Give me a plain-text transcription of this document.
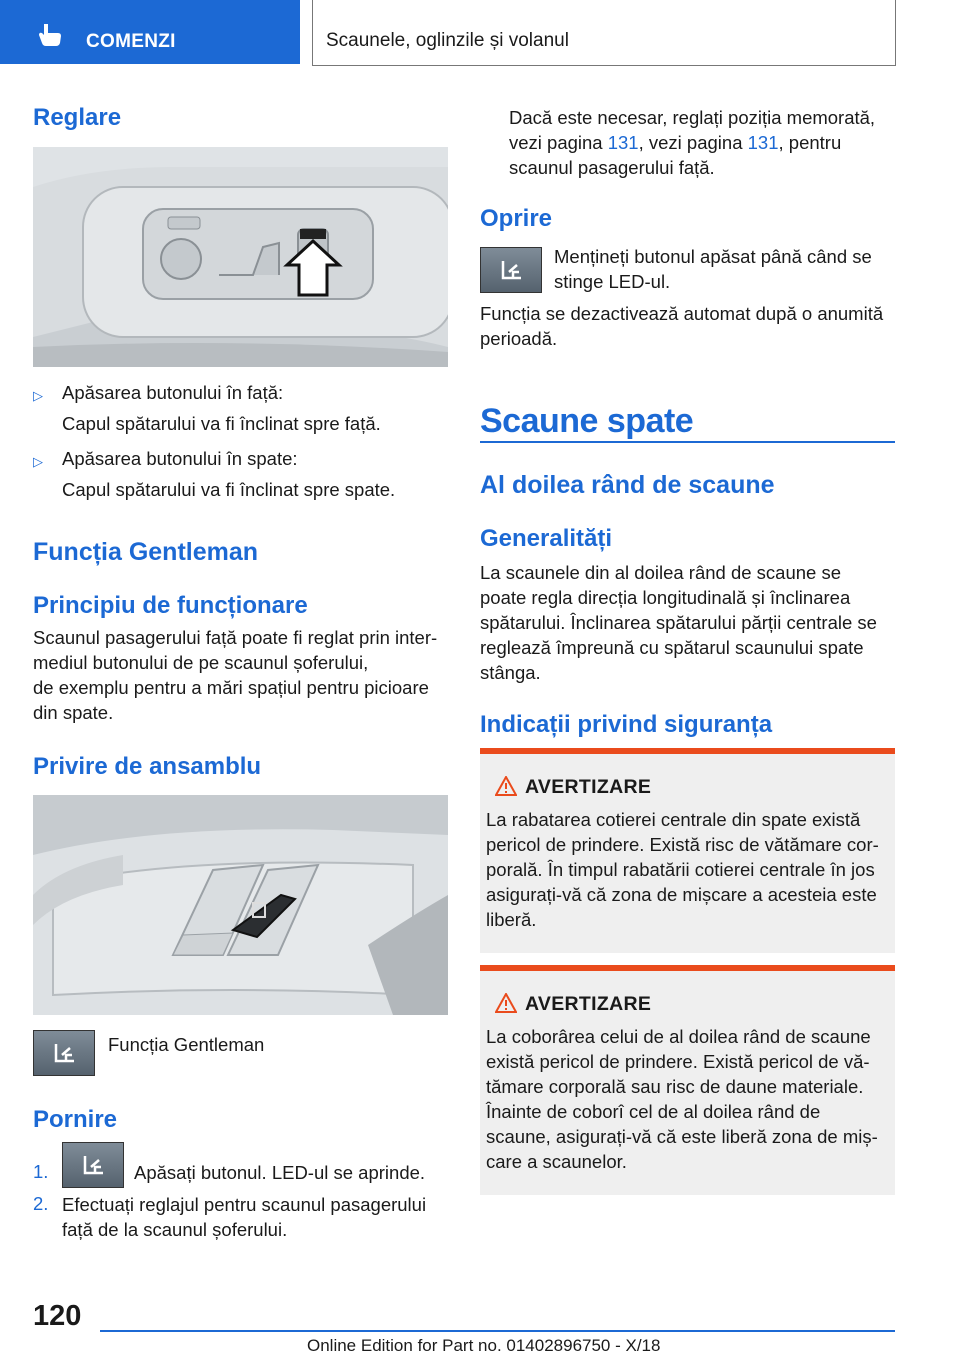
COMENZI	Scaunele, oglinzile și volanul
Reglare
▷ Apăsarea butonului în față:
Capul spătarului va fi înclinat spre față.
▷ Apăsarea butonului în spate:
Capul spătarului va fi înclinat spre spate.
Funcția Gentleman
Principiu de funcționare
Scaunul pasagerului față poate fi reglat prin inter‐
mediul butonului de pe scaunul șoferului,
de exemplu pentru a mări spațiul pentru picioare
din spate.
Privire de ansamblu
Funcția Gentleman
Pornire
1.	Apăsați butonul. LED-ul se aprinde.
2. Efectuați reglajul pentru scaunul pasagerului
față de la scaunul șoferului.
Dacă este necesar, reglați poziția memorată,
vezi pagina 131, vezi pagina 131, pentru
scaunul pasagerului față.
Oprire
Mențineți butonul apăsat până când se
stinge LED-ul.
Funcția se dezactivează automat după o anumită
perioadă.
Scaune spate
Al doilea rând de scaune
Generalități
La scaunele din al doilea rând de scaune se
poate regla direcția longitudinală și înclinarea
spătarului. Înclinarea spătarului părții centrale se
reglează împreună cu spătarul scaunului spate
stânga.
Indicații privind siguranța
AVERTIZARE
La rabatarea cotierei centrale din spate există
pericol de prindere. Există risc de vătămare cor‐
porală. În timpul rabatării cotierei centrale în jos
asigurați-vă că zona de mișcare a acesteia este
liberă.
AVERTIZARE
La coborârea celui de al doilea rând de scaune
există pericol de prindere. Există pericol de vă‐
tămare corporală sau risc de daune materiale.
Înainte de coborî cel de al doilea rând de
scaune, asigurați-vă că este liberă zona de miș‐
care a scaunelor.
120
Online Edition for Part no. 01402896750 - X/18
